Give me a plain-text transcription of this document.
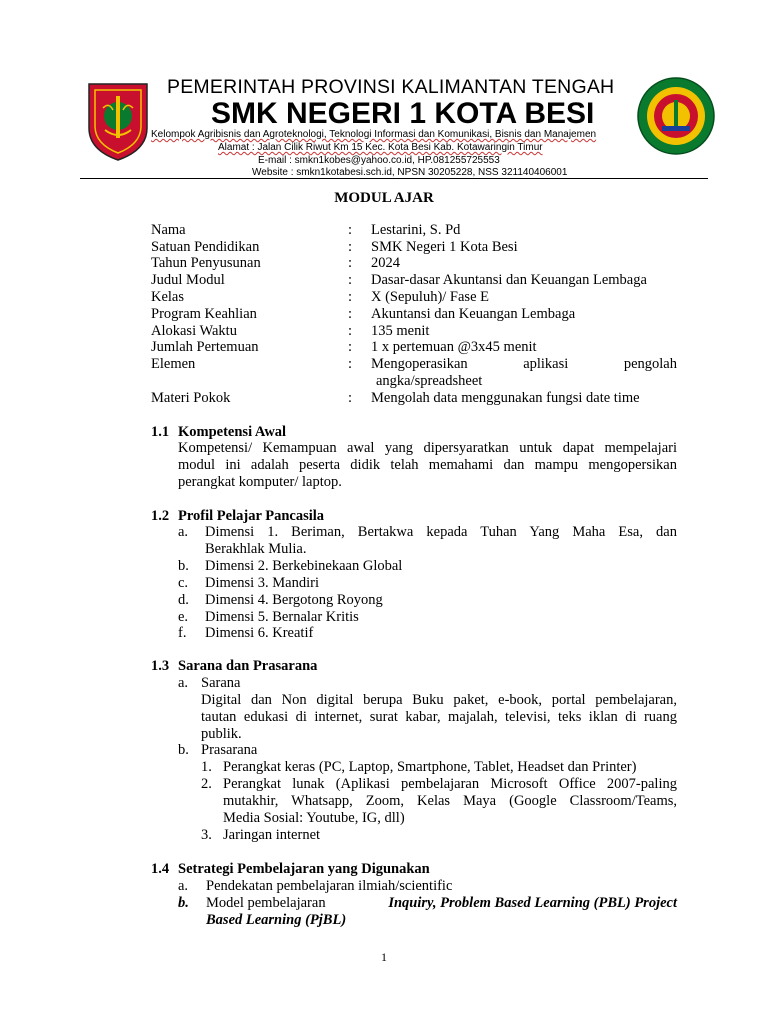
PEMERINTAH PROVINSI KALIMANTAN TENGAH
SMK NEGERI 1 KOTA BESI
Kelompok Agribisnis dan Agroteknologi, Teknologi Informasi dan Komunikasi, Bisnis dan Manajemen
Alamat : Jalan Cilik Riwut Km 15 Kec. Kota Besi Kab. Kotawaringin Timur
E-mail : smkn1kobes@yahoo.co.id, HP.081255725553
Website : smkn1kotabesi.sch.id, NPSN 30205228, NSS 321140406001
MODUL AJAR
Nama	: Lestarini, S. Pd
Satuan Pendidikan	: SMK Negeri 1 Kota Besi
Tahun Penyusunan	: 2024
Judul Modul	: Dasar-dasar Akuntansi dan Keuangan Lembaga
Kelas	: X (Sepuluh)/ Fase E
Program Keahlian	: Akuntansi dan Keuangan Lembaga
Alokasi Waktu	: 135 menit
Jumlah Pertemuan	: 1 x pertemuan @3x45 menit
Elemen	: Mengoperasikan	aplikasi	pengolah
angka/spreadsheet
Materi Pokok	: Mengolah data menggunakan fungsi date time
1.1 Kompetensi Awal
Kompetensi/ Kemampuan awal yang dipersyaratkan untuk dapat mempelajari
modul ini adalah peserta didik telah memahami dan mampu mengopersikan
perangkat komputer/ laptop.
1.2 Profil Pelajar Pancasila
a. Dimensi 1. Beriman, Bertakwa kepada Tuhan Yang Maha Esa, dan
Berakhlak Mulia.
b. Dimensi 2. Berkebinekaan Global
c. Dimensi 3. Mandiri
d. Dimensi 4. Bergotong Royong
e. Dimensi 5. Bernalar Kritis
f. Dimensi 6. Kreatif
1.3 Sarana dan Prasarana
a. Sarana
Digital dan Non digital berupa Buku paket, e-book, portal pembelajaran,
tautan edukasi di internet, surat kabar, majalah, televisi, teks iklan di ruang
publik.
b. Prasarana
1. Perangkat keras (PC, Laptop, Smartphone, Tablet, Headset dan Printer)
2. Perangkat lunak (Aplikasi pembelajaran Microsoft Office 2007-paling
mutakhir, Whatsapp, Zoom, Kelas Maya (Google Classroom/Teams,
Media Sosial: Youtube, IG, dll)
3. Jaringan internet
1.4 Setrategi Pembelajaran yang Digunakan
a. Pendekatan pembelajaran ilmiah/scientific
b. Model pembelajaran	Inquiry, Problem Based Learning (PBL) Project
Based Learning (PjBL)
1
